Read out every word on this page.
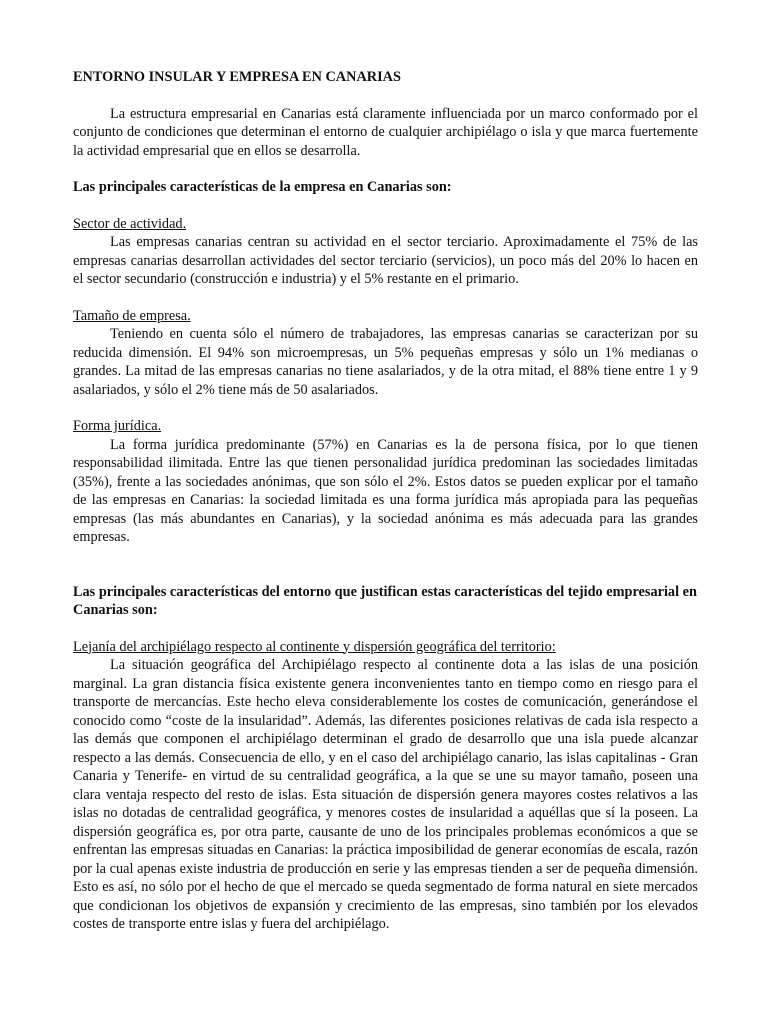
ENTORNO INSULAR Y EMPRESA EN CANARIAS

La estructura empresarial en Canarias está claramente influenciada por un marco conformado por el conjunto de condiciones que determinan el entorno de cualquier archipiélago o isla y que marca fuertemente la actividad empresarial que en ellos se desarrolla.

Las principales características de la empresa en Canarias son:

Sector de actividad.

Las empresas canarias centran su actividad en el sector terciario. Aproximadamente el 75% de las empresas canarias desarrollan actividades del sector terciario (servicios), un poco más del 20% lo hacen en el sector secundario (construcción e industria) y el 5% restante en el primario.

Tamaño de empresa.

Teniendo en cuenta sólo el número de trabajadores, las empresas canarias se caracterizan por su reducida dimensión. El 94% son microempresas, un 5% pequeñas empresas y sólo un 1% medianas o grandes. La mitad de las empresas canarias no tiene asalariados, y de la otra mitad, el 88% tiene entre 1 y 9 asalariados, y sólo el 2% tiene más de 50 asalariados.

Forma jurídica.

La forma jurídica predominante (57%) en Canarias es la de persona física, por lo que tienen responsabilidad ilimitada. Entre las que tienen personalidad jurídica predominan las sociedades limitadas (35%), frente a las sociedades anónimas, que son sólo el 2%. Estos datos se pueden explicar por el tamaño de las empresas en Canarias: la sociedad limitada es una forma jurídica más apropiada para las pequeñas empresas (las más abundantes en Canarias), y la sociedad anónima es más adecuada para las grandes empresas.

Las principales características del entorno que justifican estas características del tejido empresarial en Canarias son:

Lejanía del archipiélago respecto al continente y dispersión geográfica del territorio:

La situación geográfica del Archipiélago respecto al continente dota a las islas de una posición marginal. La gran distancia física existente genera inconvenientes tanto en tiempo como en riesgo para el transporte de mercancías. Este hecho eleva considerablemente los costes de comunicación, generándose el conocido como “coste de la insularidad”. Además, las diferentes posiciones relativas de cada isla respecto a las demás que componen el archipiélago determinan el grado de desarrollo que una isla puede alcanzar respecto a las demás. Consecuencia de ello, y en el caso del archipiélago canario, las islas capitalinas - Gran Canaria y Tenerife- en virtud de su centralidad geográfica, a la que se une su mayor tamaño, poseen una clara ventaja respecto del resto de islas. Esta situación de dispersión genera mayores costes relativos a las islas no dotadas de centralidad geográfica, y menores costes de insularidad a aquéllas que sí la poseen. La dispersión geográfica es, por otra parte, causante de uno de los principales problemas económicos a que se enfrentan las empresas situadas en Canarias: la práctica imposibilidad de generar economías de escala, razón por la cual apenas existe industria de producción en serie y las empresas tienden a ser de pequeña dimensión. Esto es así, no sólo por el hecho de que el mercado se queda segmentado de forma natural en siete mercados que condicionan los objetivos de expansión y crecimiento de las empresas, sino también por los elevados costes de transporte entre islas y fuera del archipiélago.
